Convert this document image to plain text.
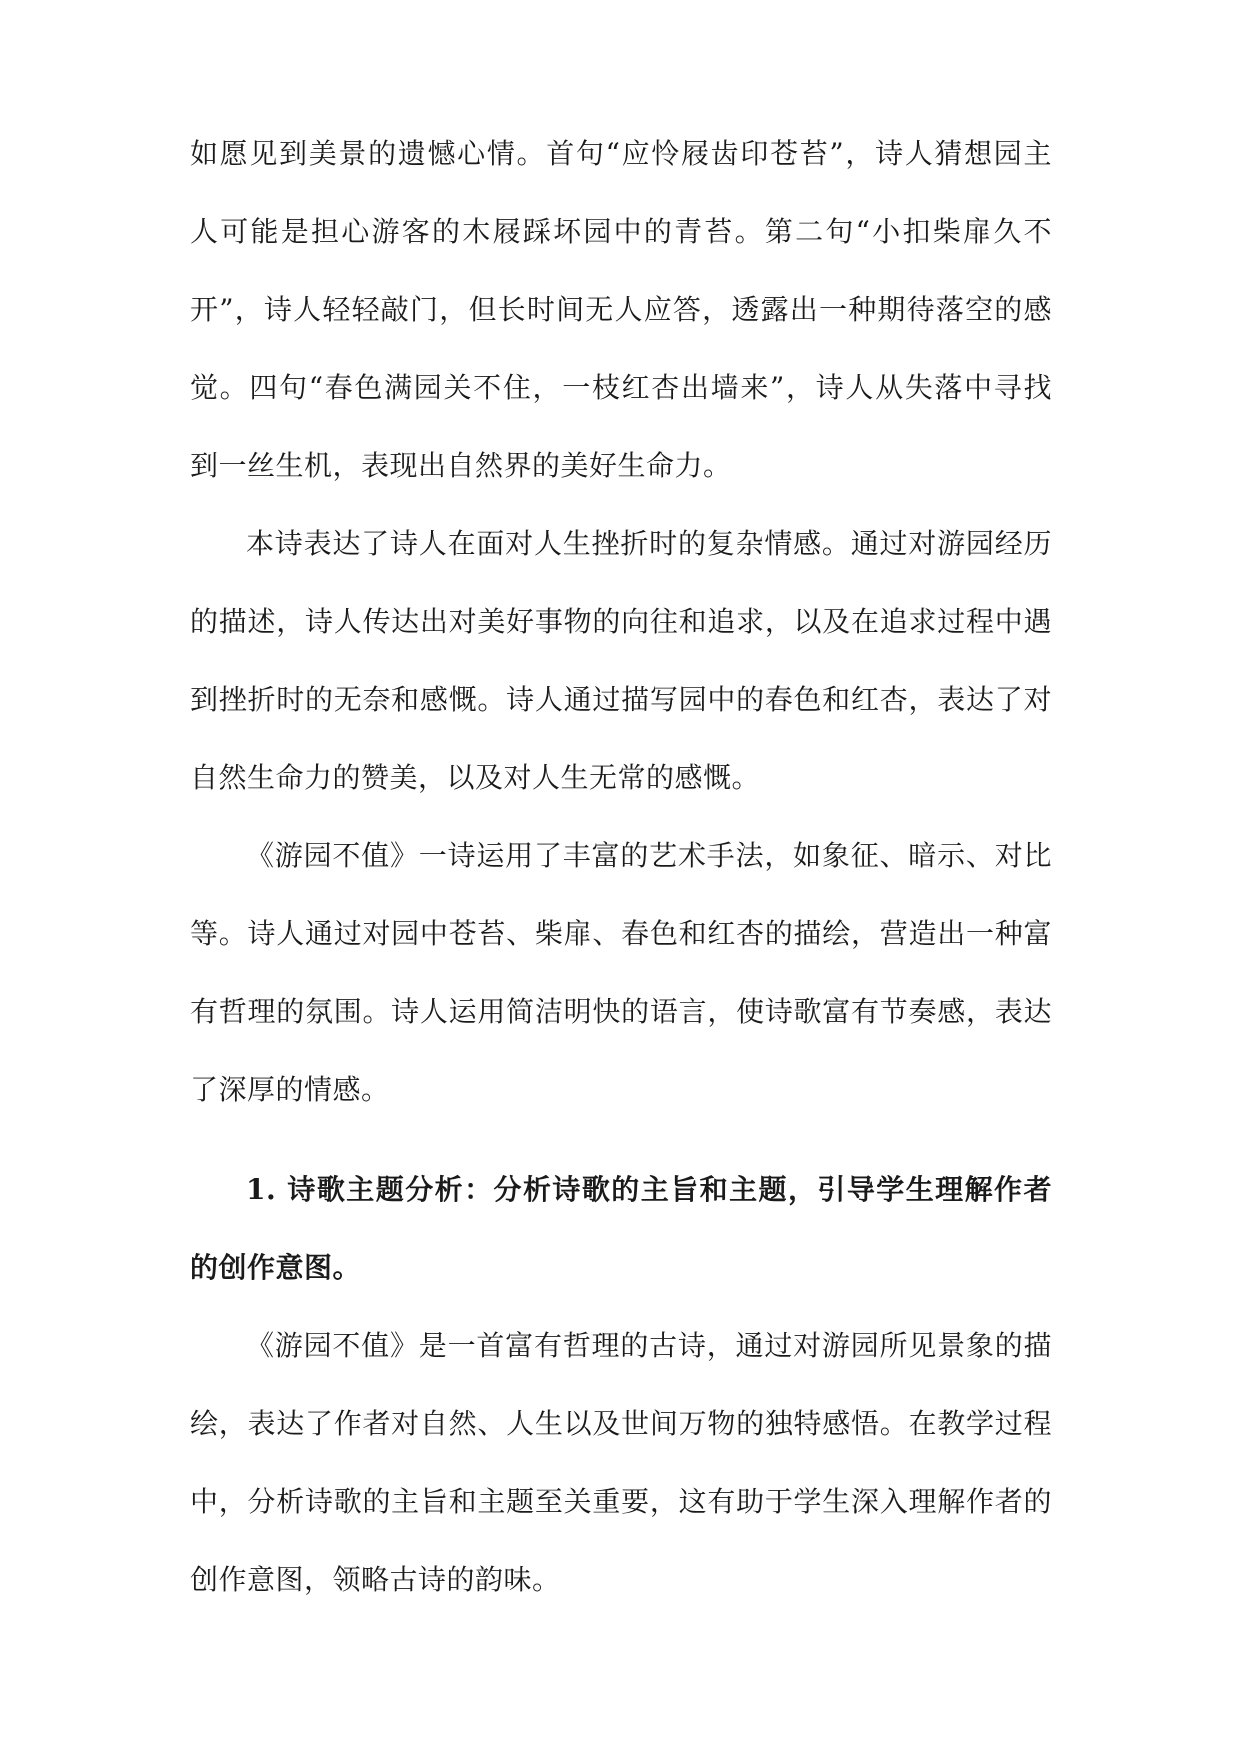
如愿见到美景的遗憾心情。首句“应怜屐齿印苍苔”，诗人猜想园主
人可能是担心游客的木屐踩坏园中的青苔。第二句“小扣柴扉久不
开”，诗人轻轻敲门，但长时间无人应答，透露出一种期待落空的感
觉。四句“春色满园关不住，一枝红杏出墙来”，诗人从失落中寻找
到一丝生机，表现出自然界的美好生命力。
本诗表达了诗人在面对人生挫折时的复杂情感。通过对游园经历
的描述，诗人传达出对美好事物的向往和追求，以及在追求过程中遇
到挫折时的无奈和感慨。诗人通过描写园中的春色和红杏，表达了对
自然生命力的赞美，以及对人生无常的感慨。
《游园不值》一诗运用了丰富的艺术手法，如象征、暗示、对比
等。诗人通过对园中苍苔、柴扉、春色和红杏的描绘，营造出一种富
有哲理的氛围。诗人运用简洁明快的语言，使诗歌富有节奏感，表达
了深厚的情感。
1. 诗歌主题分析：分析诗歌的主旨和主题，引导学生理解作者
的创作意图。
《游园不值》是一首富有哲理的古诗，通过对游园所见景象的描
绘，表达了作者对自然、人生以及世间万物的独特感悟。在教学过程
中，分析诗歌的主旨和主题至关重要，这有助于学生深入理解作者的
创作意图，领略古诗的韵味。
